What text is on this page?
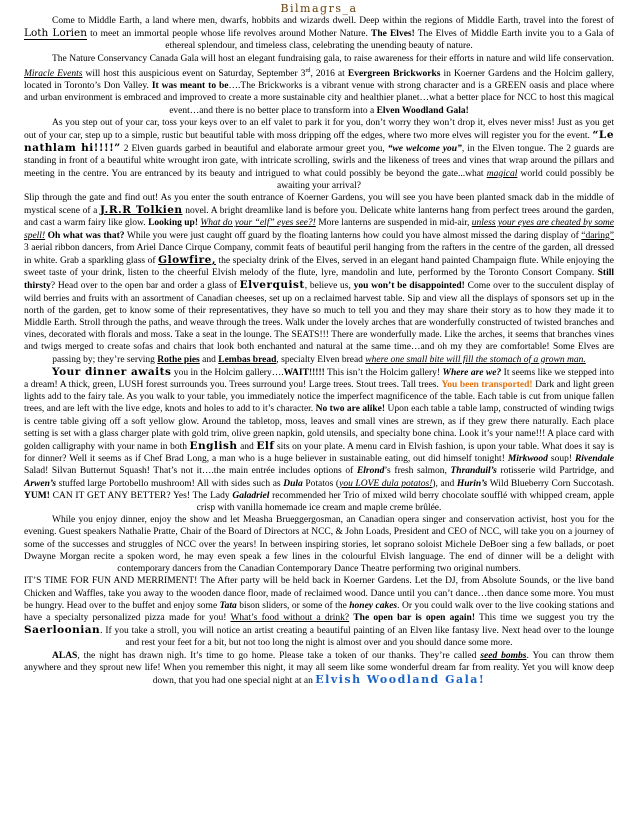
Bilmagrs_a

Come to Middle Earth, a land where men, dwarfs, hobbits and wizards dwell. Deep within the regions of Middle Earth, travel into the forest of Loth Lorien to meet an immortal people whose life revolves around Mother Nature. The Elves! The Elves of Middle Earth invite you to a Gala of ethereal splendour, and timeless class, celebrating the unending beauty of nature.

The Nature Conservancy Canada Gala will host an elegant fundraising gala, to raise awareness for their efforts in nature and wild life conservation. Miracle Events will host this auspicious event on Saturday, September 3rd, 2016 at Evergreen Brickworks in Koerner Gardens and the Holcim gallery, located in Toronto’s Don Valley. It was meant to be….The Brickworks is a vibrant venue with strong character and is a GREEN oasis and place where and urban environment is embraced and improved to create a more sustainable city and healthier planet…what a better place for NCC to host this magical event…and there is no better place to transform into a Elven Woodland Gala!

As you step out of your car, toss your keys over to an elf valet to park it for you, don’t worry they won’t drop it, elves never miss! Just as you get out of your car, step up to a simple, rustic but beautiful table with moss dripping off the edges, where two more elves will register you for the event. “Le nathlam hi!!!!” 2 Elven guards garbed in beautiful and elaborate armour greet you, “we welcome you”, in the Elven tongue. The 2 guards are standing in front of a beautiful white wrought iron gate, with intricate scrolling, swirls and the likeness of trees and vines that wrap around the pillars and meeting in the centre. You are entranced by its beauty and intrigued to what could possibly be beyond the gate...what magical world could possibly be awaiting your arrival?

Slip through the gate and find out! As you enter the south entrance of Koerner Gardens, you will see you have been planted smack dab in the middle of mystical scene of a J.R.R Tolkien novel. A bright dreamlike land is before you. Delicate white lanterns hang from perfect trees around the garden, and cast a warm fairy like glow. Looking up! What do your “elf” eyes see?! More lanterns are suspended in mid-air, unless your eyes are cheated by some spell! Oh what was that? While you were just caught off guard by the floating lanterns how could you have almost missed the daring display of “daring” 3 aerial ribbon dancers, from Ariel Dance Cirque Company, commit feats of beautiful peril hanging from the rafters in the centre of the garden, all dressed in white. Grab a sparkling glass of Glowfire, the specialty drink of the Elves, served in an elegant hand painted Champaign flute. While enjoying the sweet taste of your drink, listen to the cheerful Elvish melody of the flute, lyre, mandolin and lute, performed by the Toronto Consort Company. Still thirsty? Head over to the open bar and order a glass of Elverquist, believe us, you won’t be disappointed! Come over to the succulent display of wild berries and fruits with an assortment of Canadian cheeses, set up on a reclaimed harvest table. Sip and view all the displays of sponsors set up in the north of the garden, get to know some of their representatives, they have so much to tell you and they may share their story as to how they made it to Middle Earth. Stroll through the paths, and weave through the trees. Walk under the lovely arches that are wonderfully constructed of twisted branches and vines, decorated with florals and moss. Take a seat in the lounge. The SEATS!!! There are wonderfully made. Like the arches, it seems that branches vines and twigs merged to create sofas and chairs that look both enchanted and natural at the same time…and oh my they are comfortable! Some Elves are passing by; they’re serving Rothe pies and Lembas bread, specialty Elven bread where one small bite will fill the stomach of a grown man.

Your dinner awaits you in the Holcim gallery….WAIT!!!!! This isn’t the Holcim gallery! Where are we? It seems like we stepped into a dream! A thick, green, LUSH forest surrounds you. Trees surround you! Large trees. Stout trees. Tall trees. You been transported! Dark and light green lights add to the fairy tale. As you walk to your table, you immediately notice the imperfect magnificence of the table. Each table is cut from unique fallen trees, and are left with the live edge, knots and holes to add to it’s character. No two are alike! Upon each table a table lamp, constructed of winding twigs is centre table giving off a soft yellow glow. Around the tabletop, moss, leaves and small vines are strewn, as if they grew there naturally. Each place setting is set with a glass charger plate with gold trim, olive green napkin, gold utensils, and specialty bone china. Look it’s your name!!! A place card with golden calligraphy with your name in both English and Elf sits on your plate. A menu card in Elvish fashion, is upon your table. What does it say is for dinner? Well it seems as if Chef Brad Long, a man who is a huge believer in sustainable eating, out did himself tonight! Mirkwood soup! Rivendale Salad! Silvan Butternut Squash! That’s not it….the main entrée includes options of Elrond’s fresh salmon, Thranduil’s rotisserie wild Partridge, and Arwen’s stuffed large Portobello mushroom! All with sides such as Dula Potatos (you LOVE dula potatos!), and Hurin’s Wild Blueberry Corn Succotash. YUM! CAN IT GET ANY BETTER? Yes! The Lady Galadriel recommended her Trio of mixed wild berry chocolate soufflé with whipped cream, apple crisp with vanilla homemade ice cream and maple creme brûlée.

While you enjoy dinner, enjoy the show and let Measha Brueggergosman, an Canadian opera singer and conservation activist, host you for the evening. Guest speakers Nathalie Pratte, Chair of the Board of Directors at NCC, & John Loads, President and CEO of NCC, will take you on a journey of some of the successes and struggles of NCC over the years! In between inspiring stories, let soprano soloist Michele DeBoer sing a few ballads, or poet Dwayne Morgan recite a spoken word, he may even speak a few lines in the colourful Elvish language. The end of dinner will be a delight with contemporary dancers from the Canadian Contemporary Dance Theatre performing two original numbers.

IT’S TIME FOR FUN AND MERRIMENT! The After party will be held back in Koerner Gardens. Let the DJ, from Absolute Sounds, or the live band Chicken and Waffles, take you away to the wooden dance floor, made of reclaimed wood. Dance until you can’t dance…then dance some more. You must be hungry. Head over to the buffet and enjoy some Tata bison sliders, or some of the honey cakes. Or you could walk over to the live cooking stations and have a specialty personalized pizza made for you! What’s food without a drink? The open bar is open again! This time we suggest you try the Saerloonian. If you take a stroll, you will notice an artist creating a beautiful painting of an Elven like fantasy live. Next head over to the lounge and rest your feet for a bit, but not too long the night is almost over and you should dance some more.

ALAS, the night has drawn nigh. It’s time to go home. Please take a token of our thanks. They’re called seed bombs. You can throw them anywhere and they sprout new life! When you remember this night, it may all seem like some wonderful dream far from reality. Yet you will know deep down, that you had one special night at an Elvish Woodland Gala!
